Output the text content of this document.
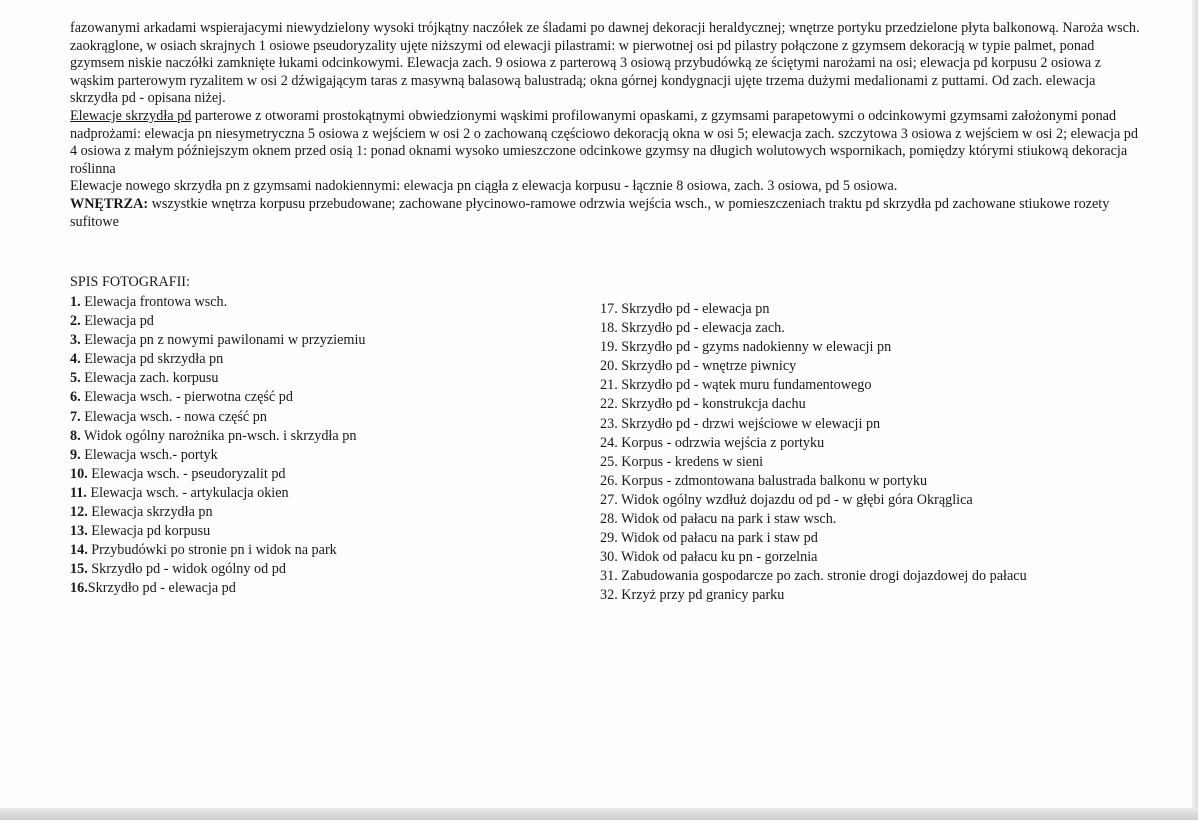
fazowanymi arkadami wspierajacymi niewydzielony wysoki trójkątny naczółek ze śladami po dawnej dekoracji heraldycznej; wnętrze portyku przedzielone płyta balkonową. Naroża wsch. zaokrąglone, w osiach skrajnych 1 osiowe pseudoryzality ujęte niższymi od elewacji pilastrami: w pierwotnej osi pd pilastry połączone z gzymsem dekoracją w typie palmet, ponad gzymsem niskie naczółki zamknięte łukami odcinkowymi. Elewacja zach. 9 osiowa z parterową 3 osiową przybudówką ze ściętymi narożami na osi; elewacja pd korpusu 2 osiowa z wąskim parterowym ryzalitem w osi 2 dźwigającym taras z masywną balasową balustradą; okna górnej kondygnacji ujęte trzema dużymi medalionami z puttami. Od zach. elewacja skrzydła pd - opisana niżej.

Elewacje skrzydła pd parterowe z otworami prostokątnymi obwiedzionymi wąskimi profilowanymi opaskami, z gzymsami parapetowymi o odcinkowymi gzymsami założonymi ponad nadprożami: elewacja pn niesymetryczna 5 osiowa z wejściem w osi 2 o zachowaną częściowo dekoracją okna w osi 5; elewacja zach. szczytowa 3 osiowa z wejściem w osi 2; elewacja pd 4 osiowa z małym późniejszym oknem przed osią 1: ponad oknami wysoko umieszczone odcinkowe gzymsy na długich wolutowych wspornikach, pomiędzy którymi stiukową dekoracja roślinna

Elewacje nowego skrzydła pn z gzymsami nadokiennymi: elewacja pn ciągła z elewacja korpusu - łącznie 8 osiowa, zach. 3 osiowa, pd 5 osiowa.

WNĘTRZA: wszystkie wnętrza korpusu przebudowane; zachowane płycinowo-ramowe odrzwia wejścia wsch., w pomieszczeniach traktu pd skrzydła pd zachowane stiukowe rozety sufitowe

SPIS FOTOGRAFII:
1. Elewacja frontowa wsch.
2. Elewacja pd
3. Elewacja pn z nowymi pawilonami w przyziemiu
4. Elewacja pd skrzydła pn
5. Elewacja zach. korpusu
6. Elewacja wsch. - pierwotna część pd
7. Elewacja wsch. - nowa część pn
8. Widok ogólny narożnika pn-wsch. i skrzydła pn
9. Elewacja wsch.- portyk
10. Elewacja wsch. - pseudoryzalit pd
11. Elewacja wsch. - artykulacja okien
12. Elewacja skrzydła pn
13. Elewacja pd korpusu
14. Przybudówki po stronie pn i widok na park
15. Skrzydło pd - widok ogólny od pd
16.Skrzydło pd - elewacja pd
17. Skrzydło pd - elewacja pn
18. Skrzydło pd - elewacja zach.
19. Skrzydło pd - gzyms nadokienny w elewacji pn
20. Skrzydło pd - wnętrze piwnicy
21. Skrzydło pd - wątek muru fundamentowego
22. Skrzydło pd - konstrukcja dachu
23. Skrzydło pd - drzwi wejściowe w elewacji pn
24. Korpus - odrzwia wejścia z portyku
25. Korpus - kredens w sieni
26. Korpus - zdmontowana balustrada balkonu w portyku
27. Widok ogólny wzdłuż dojazdu od pd - w głębi góra Okrąglica
28. Widok od pałacu na park i staw wsch.
29. Widok od pałacu na park i staw pd
30. Widok od pałacu ku pn - gorzelnia
31. Zabudowania gospodarcze po zach. stronie drogi dojazdowej do pałacu
32. Krzyż przy pd granicy parku
